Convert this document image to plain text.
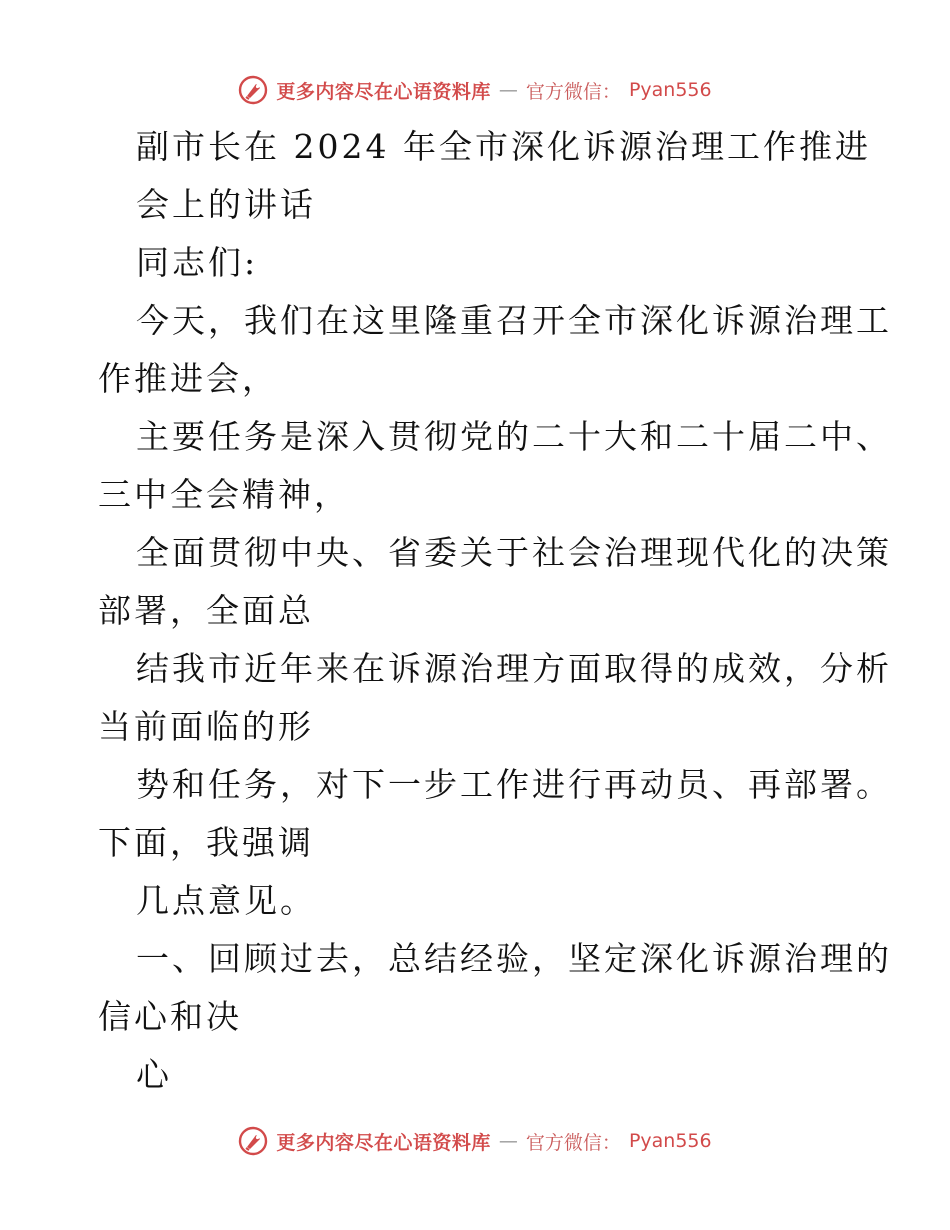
更多内容尽在心语资料库 — 官方微信： Pyan556
副市长在 2024 年全市深化诉源治理工作推进
会上的讲话
同志们:
今天，我们在这里隆重召开全市深化诉源治理工
作推进会，
主要任务是深入贯彻党的二十大和二十届二中、
三中全会精神，
全面贯彻中央、省委关于社会治理现代化的决策
部署，全面总
结我市近年来在诉源治理方面取得的成效，分析
当前面临的形
势和任务，对下一步工作进行再动员、再部署。
下面，我强调
几点意见。
一、回顾过去，总结经验，坚定深化诉源治理的
信心和决
心
更多内容尽在心语资料库 — 官方微信： Pyan556
